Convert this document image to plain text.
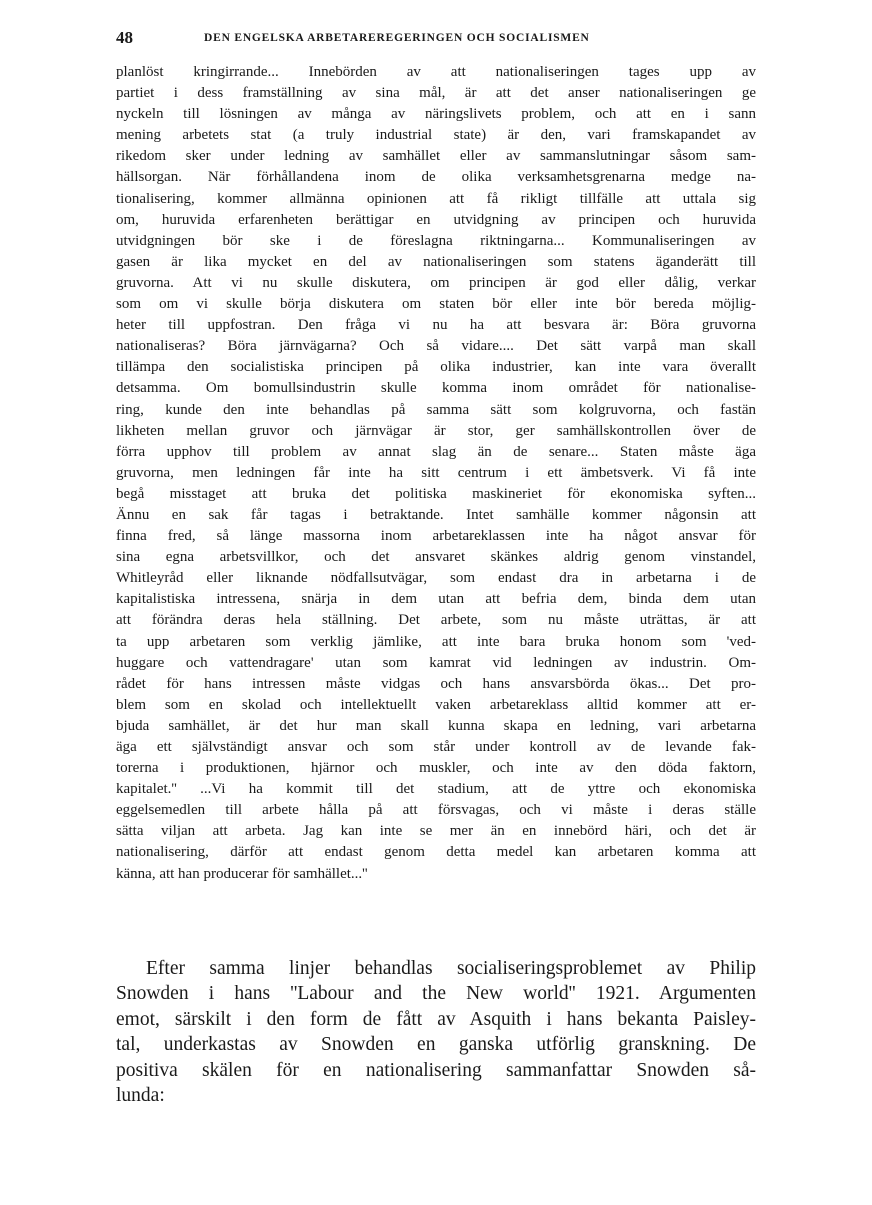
48	DEN ENGELSKA ARBETAREREGERINGEN OCH SOCIALISMEN
planlöst kringirrande... Innebörden av att nationaliseringen tages upp av
partiet i dess framställning av sina mål, är att det anser nationaliseringen ge
nyckeln till lösningen av många av näringslivets problem, och att en i sann
mening arbetets stat (a truly industrial state) är den, vari framskapandet av
rikedom sker under ledning av samhället eller av sammanslutningar såsom sam-
hällsorgan. När förhållandena inom de olika verksamhetsgrenarna medge na-
tionalisering, kommer allmänna opinionen att få rikligt tillfälle att uttala sig
om, huruvida erfarenheten berättigar en utvidgning av principen och huruvida
utvidgningen bör ske i de föreslagna riktningarna... Kommunaliseringen av
gasen är lika mycket en del av nationaliseringen som statens äganderätt till
gruvorna. Att vi nu skulle diskutera, om principen är god eller dålig, verkar
som om vi skulle börja diskutera om staten bör eller inte bör bereda möjlig-
heter till uppfostran. Den fråga vi nu ha att besvara är: Böra gruvorna
nationaliseras? Böra järnvägarna? Och så vidare.... Det sätt varpå man skall
tillämpa den socialistiska principen på olika industrier, kan inte vara överallt
detsamma. Om bomullsindustrin skulle komma inom området för nationalise-
ring, kunde den inte behandlas på samma sätt som kolgruvorna, och fastän
likheten mellan gruvor och järnvägar är stor, ger samhällskontrollen över de
förra upphov till problem av annat slag än de senare... Staten måste äga
gruvorna, men ledningen får inte ha sitt centrum i ett ämbetsverk. Vi få inte
begå misstaget att bruka det politiska maskineriet för ekonomiska syften...
Ännu en sak får tagas i betraktande. Intet samhälle kommer någonsin att
finna fred, så länge massorna inom arbetareklassen inte ha något ansvar för
sina egna arbetsvillkor, och det ansvaret skänkes aldrig genom vinstandel,
Whitleyråd eller liknande nödfallsutvägar, som endast dra in arbetarna i de
kapitalistiska intressena, snärja in dem utan att befria dem, binda dem utan
att förändra deras hela ställning. Det arbete, som nu måste uträttas, är att
ta upp arbetaren som verklig jämlike, att inte bara bruka honom som 'ved-
huggare och vattendragare' utan som kamrat vid ledningen av industrin. Om-
rådet för hans intressen måste vidgas och hans ansvarsbörda ökas... Det pro-
blem som en skolad och intellektuellt vaken arbetareklass alltid kommer att er-
bjuda samhället, är det hur man skall kunna skapa en ledning, vari arbetarna
äga ett självständigt ansvar och som står under kontroll av de levande fak-
torerna i produktionen, hjärnor och muskler, och inte av den döda faktorn,
kapitalet.'' ...Vi ha kommit till det stadium, att de yttre och ekonomiska
eggelsemedlen till arbete hålla på att försvagas, och vi måste i deras ställe
sätta viljan att arbeta. Jag kan inte se mer än en innebörd häri, och det är
nationalisering, därför att endast genom detta medel kan arbetaren komma att
känna, att han producerar för samhället...''
Efter samma linjer behandlas socialiseringsproblemet av Philip
Snowden i hans ''Labour and the New world'' 1921. Argumenten
emot, särskilt i den form de fått av Asquith i hans bekanta Paisley-
tal, underkastas av Snowden en ganska utförlig granskning. De
positiva skälen för en nationalisering sammanfattar Snowden så-
lunda:
